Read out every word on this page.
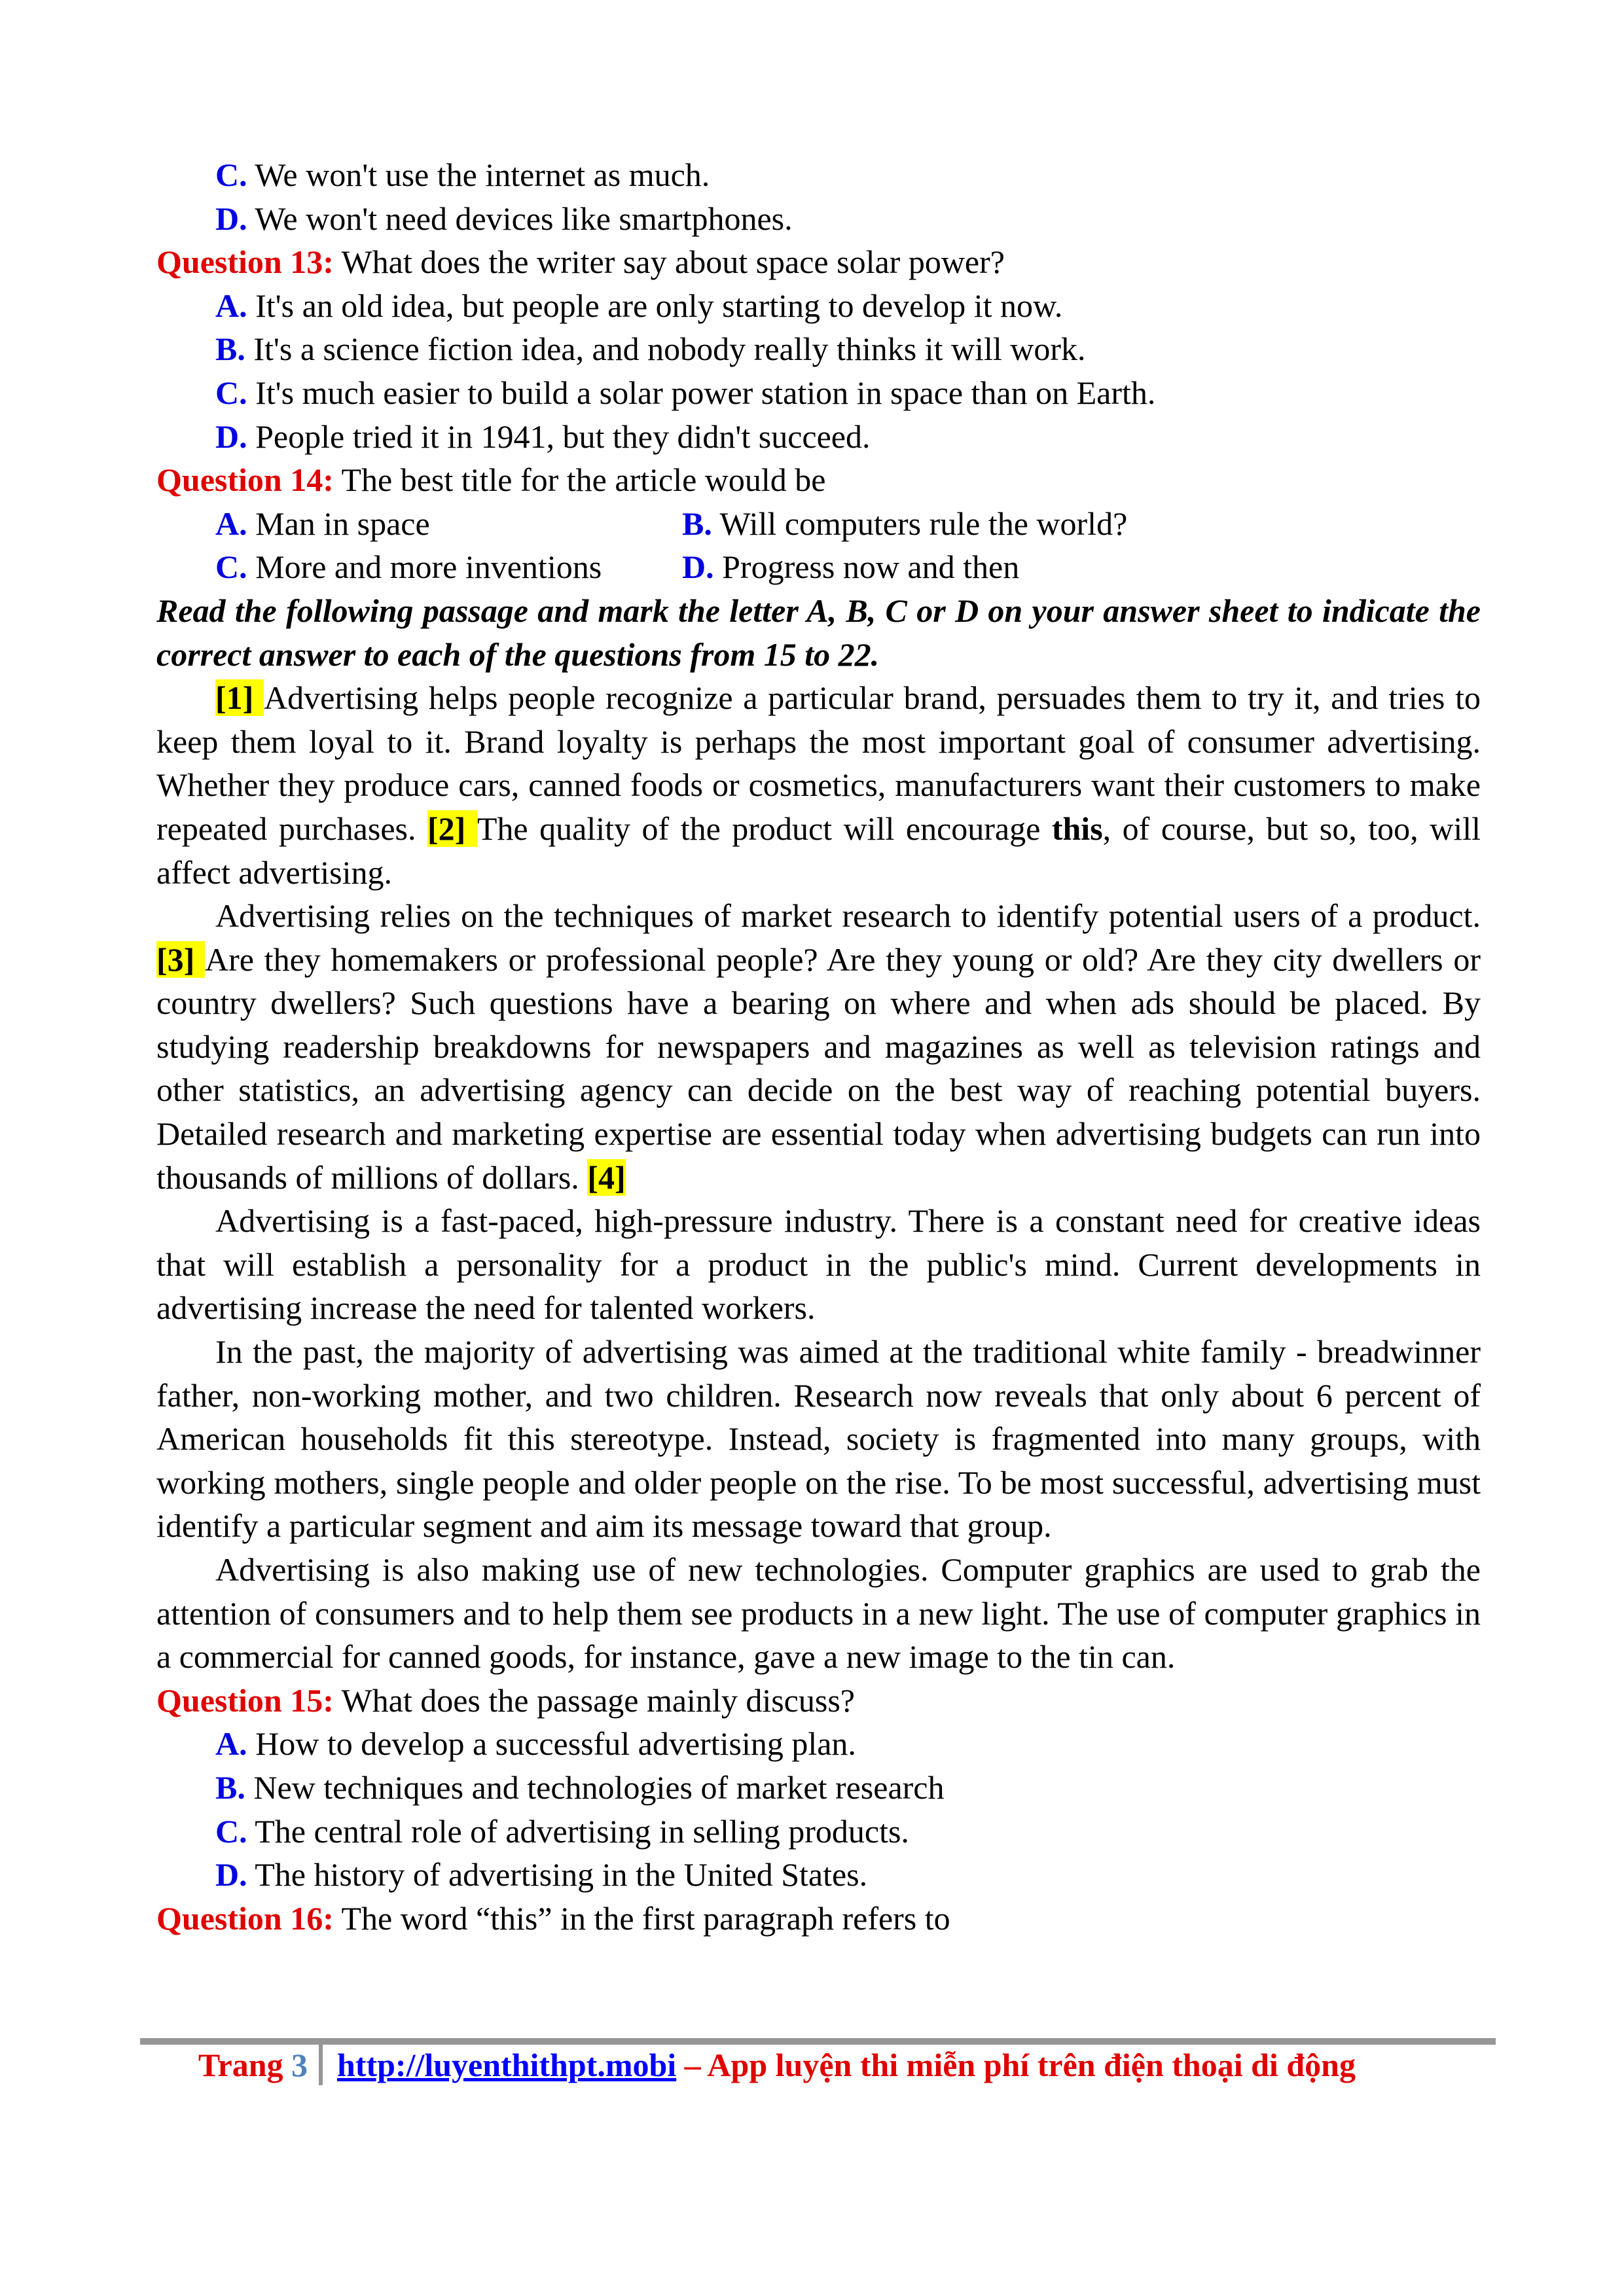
C. We won't use the internet as much.
D. We won't need devices like smartphones.
Question 13: What does the writer say about space solar power?
A. It's an old idea, but people are only starting to develop it now.
B. It's a science fiction idea, and nobody really thinks it will work.
C. It's much easier to build a solar power station in space than on Earth.
D. People tried it in 1941, but they didn't succeed.
Question 14: The best title for the article would be
A. Man in space	B. Will computers rule the world?
C. More and more inventions	D. Progress now and then
Read the following passage and mark the letter A, B, C or D on your answer sheet to indicate the correct answer to each of the questions from 15 to 22.
[1] Advertising helps people recognize a particular brand, persuades them to try it, and tries to keep them loyal to it. Brand loyalty is perhaps the most important goal of consumer advertising. Whether they produce cars, canned foods or cosmetics, manufacturers want their customers to make repeated purchases. [2] The quality of the product will encourage this, of course, but so, too, will affect advertising.
Advertising relies on the techniques of market research to identify potential users of a product. [3] Are they homemakers or professional people? Are they young or old? Are they city dwellers or country dwellers? Such questions have a bearing on where and when ads should be placed. By studying readership breakdowns for newspapers and magazines as well as television ratings and other statistics, an advertising agency can decide on the best way of reaching potential buyers. Detailed research and marketing expertise are essential today when advertising budgets can run into thousands of millions of dollars. [4]
Advertising is a fast-paced, high-pressure industry. There is a constant need for creative ideas that will establish a personality for a product in the public's mind. Current developments in advertising increase the need for talented workers.
In the past, the majority of advertising was aimed at the traditional white family - breadwinner father, non-working mother, and two children. Research now reveals that only about 6 percent of American households fit this stereotype. Instead, society is fragmented into many groups, with working mothers, single people and older people on the rise. To be most successful, advertising must identify a particular segment and aim its message toward that group.
Advertising is also making use of new technologies. Computer graphics are used to grab the attention of consumers and to help them see products in a new light. The use of computer graphics in a commercial for canned goods, for instance, gave a new image to the tin can.
Question 15: What does the passage mainly discuss?
A. How to develop a successful advertising plan.
B. New techniques and technologies of market research
C. The central role of advertising in selling products.
D. The history of advertising in the United States.
Question 16: The word “this” in the first paragraph refers to
Trang 3 http://luyenthithpt.mobi – App luyện thi miễn phí trên điện thoại di động
